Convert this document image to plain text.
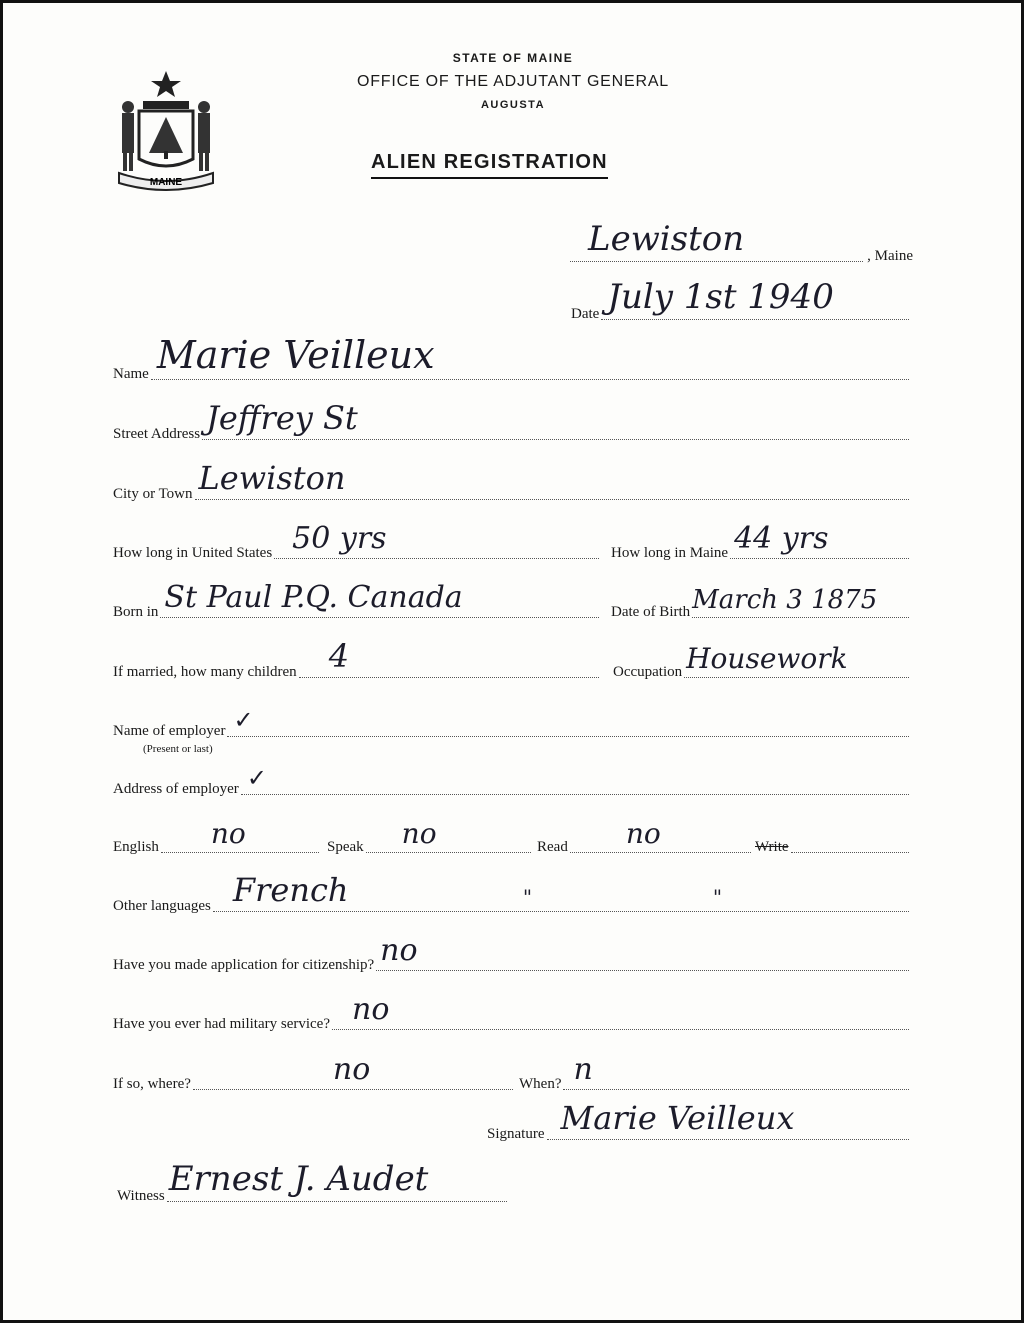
MAINE
STATE OF MAINE
OFFICE OF THE ADJUTANT GENERAL
AUGUSTA
ALIEN REGISTRATION
Lewiston	, Maine
Date July 1st 1940
Name Marie Veilleux
Street Address Jeffrey St
City or Town Lewiston
How long in United States 50 yrs	How long in Maine 44 yrs
Born in St Paul P.Q. Canada	Date of Birth March 3 1875
If married, how many children 4	Occupation Housework
Name of employer ✓
(Present or last)
Address of employer ✓
English no	Speak no	Read no	Write
Other languages French	"	"
Have you made application for citizenship? no
Have you ever had military service? no
If so, where?	no	When? n
Signature Marie Veilleux
Witness Ernest J. Audet
